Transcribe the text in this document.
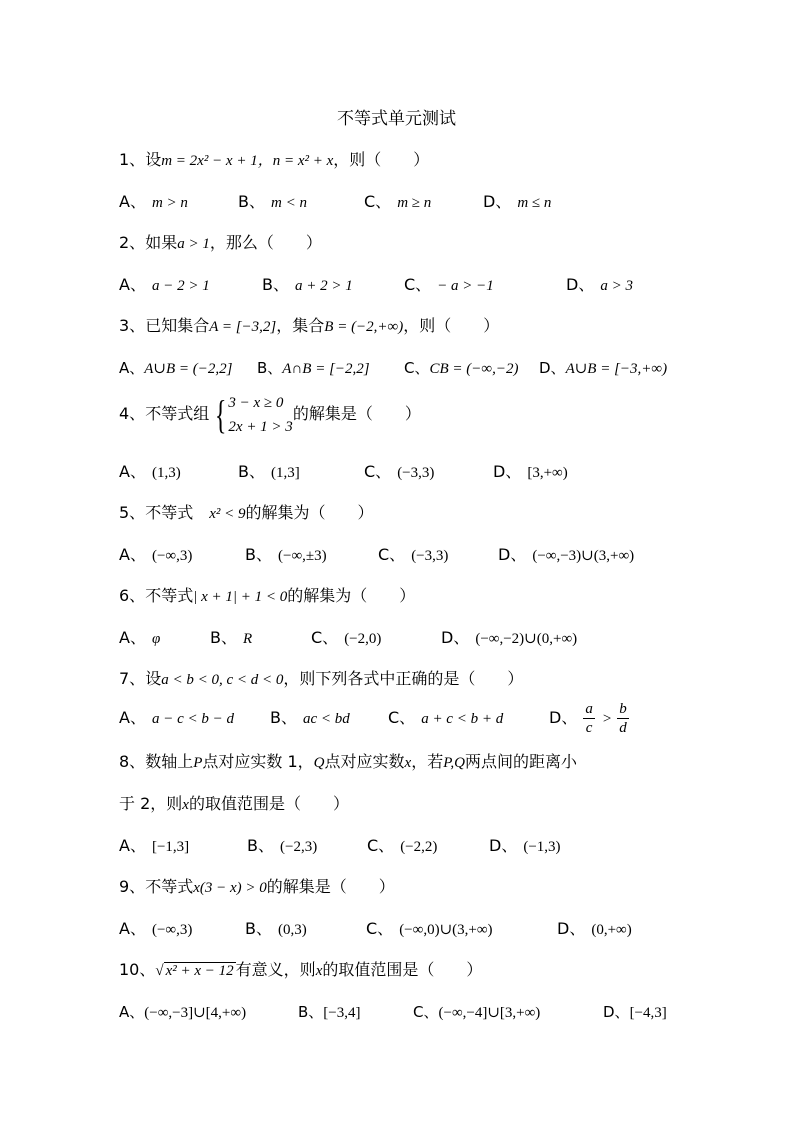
不等式单元测试
1、设m = 2x² − x + 1，n = x² + x，则（　　）
A、 m > n	B、 m < n	C、 m ≥ n	D、 m ≤ n
2、如果a > 1，那么（　　）
A、 a − 2 > 1	B、 a + 2 > 1	C、 − a > −1	D、 a > 3
3、已知集合A = [−3,2]，集合B = (−2,+∞)，则（　　）
A、A∪B = (−2,2] B、A∩B = [−2,2] C、CB = (−∞,−2) D、A∪B = [−3,+∞)
4、不等式组 { 3 − x ≥ 0
2x + 1 > 3
的解集是（　　）
A、 (1,3)	B、 (1,3]	C、 (−3,3)	D、 [3,+∞)
5、不等式　x² < 9的解集为（　　）
A、 (−∞,3)	B、 (−∞,±3)	C、 (−3,3)	D、 (−∞,−3)∪(3,+∞)
6、不等式| x + 1| + 1 < 0的解集为（　　）
A、 φ	B、 R	C、 (−2,0)	D、 (−∞,−2)∪(0,+∞)
7、设a < b < 0, c < d < 0，则下列各式中正确的是（　　）
A、 a − c < b − d B、 ac < bd C、 a + c < b + d	D、 $\frac{a}{c} > \frac{b}{d}$
8、数轴上P点对应实数 1，Q点对应实数x，若P,Q两点间的距离小
于 2，则x的取值范围是（　　）
A、 [−1,3]	B、 (−2,3)	C、 (−2,2)	D、 (−1,3)
9、不等式x(3 − x) > 0的解集是（　　）
A、 (−∞,3)	B、 (0,3)	C、 (−∞,0)∪(3,+∞)	D、 (0,+∞)
10、√ x² + x − 12 有意义，则x的取值范围是（　　）
A、(−∞,−3]∪[4,+∞)	B、[−3,4]	C、(−∞,−4]∪[3,+∞)	D、[−4,3]
